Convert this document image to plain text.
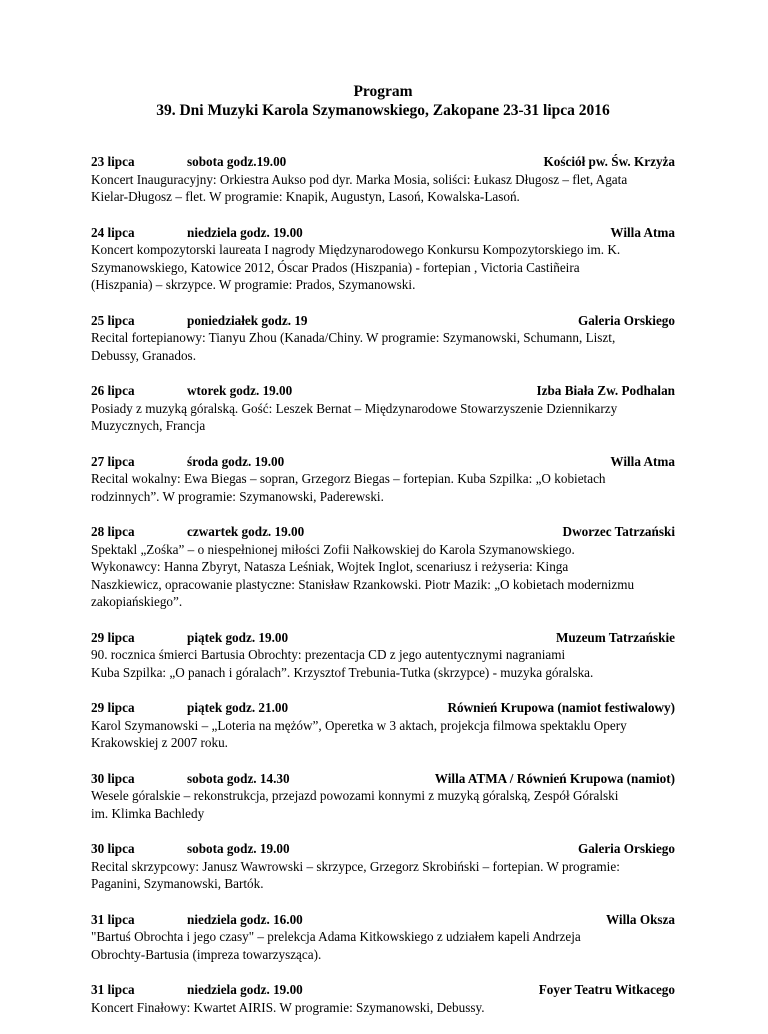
Program
39. Dni Muzyki Karola Szymanowskiego, Zakopane 23-31 lipca 2016
23 lipca	sobota godz.19.00	Kościół pw. Św. Krzyża
Koncert Inauguracyjny: Orkiestra Aukso pod dyr. Marka Mosia, soliści: Łukasz Długosz – flet, Agata
Kielar-Długosz – flet. W programie: Knapik, Augustyn, Lasoń, Kowalska-Lasoń.
24 lipca	niedziela godz. 19.00	Willa Atma
Koncert kompozytorski laureata I nagrody Międzynarodowego Konkursu Kompozytorskiego im. K.
Szymanowskiego, Katowice 2012, Óscar Prados (Hiszpania) - fortepian , Victoria Castiñeira
(Hiszpania) – skrzypce. W programie: Prados, Szymanowski.
25 lipca	poniedziałek godz. 19	Galeria Orskiego
Recital fortepianowy: Tianyu Zhou (Kanada/Chiny. W programie: Szymanowski, Schumann, Liszt,
Debussy, Granados.
26 lipca	wtorek godz. 19.00	Izba Biała Zw. Podhalan
Posiady z muzyką góralską. Gość: Leszek Bernat – Międzynarodowe Stowarzyszenie Dziennikarzy
Muzycznych, Francja
27 lipca	środa godz. 19.00	Willa Atma
Recital wokalny: Ewa Biegas – sopran, Grzegorz Biegas – fortepian. Kuba Szpilka: „O kobietach
rodzinnych”. W programie: Szymanowski, Paderewski.
28 lipca	czwartek godz. 19.00	Dworzec Tatrzański
Spektakl „Zośka” – o niespełnionej miłości Zofii Nałkowskiej do Karola Szymanowskiego.
Wykonawcy: Hanna Zbyryt, Natasza Leśniak, Wojtek Inglot, scenariusz i reżyseria: Kinga
Naszkiewicz, opracowanie plastyczne: Stanisław Rzankowski. Piotr Mazik: „O kobietach modernizmu
zakopiańskiego”.
29 lipca	piątek godz. 19.00	Muzeum Tatrzańskie
90. rocznica śmierci Bartusia Obrochty: prezentacja CD z jego autentycznymi nagraniami
Kuba Szpilka: „O panach i góralach”. Krzysztof Trebunia-Tutka (skrzypce) - muzyka góralska.
29 lipca	piątek godz. 21.00	Równień Krupowa (namiot festiwalowy)
Karol Szymanowski – „Loteria na mężów”, Operetka w 3 aktach, projekcja filmowa spektaklu Opery
Krakowskiej z 2007 roku.
30 lipca	sobota godz. 14.30	Willa ATMA / Równień Krupowa (namiot)
Wesele góralskie – rekonstrukcja, przejazd powozami konnymi z muzyką góralską, Zespół Góralski
im. Klimka Bachledy
30 lipca	sobota godz. 19.00	Galeria Orskiego
Recital skrzypcowy: Janusz Wawrowski – skrzypce, Grzegorz Skrobiński – fortepian. W programie:
Paganini, Szymanowski, Bartók.
31 lipca	niedziela godz. 16.00	Willa Oksza
"Bartuś Obrochta i jego czasy" – prelekcja Adama Kitkowskiego z udziałem kapeli Andrzeja
Obrochty-Bartusia (impreza towarzysząca).
31 lipca	niedziela godz. 19.00	Foyer Teatru Witkacego
Koncert Finałowy: Kwartet AIRIS. W programie: Szymanowski, Debussy.
